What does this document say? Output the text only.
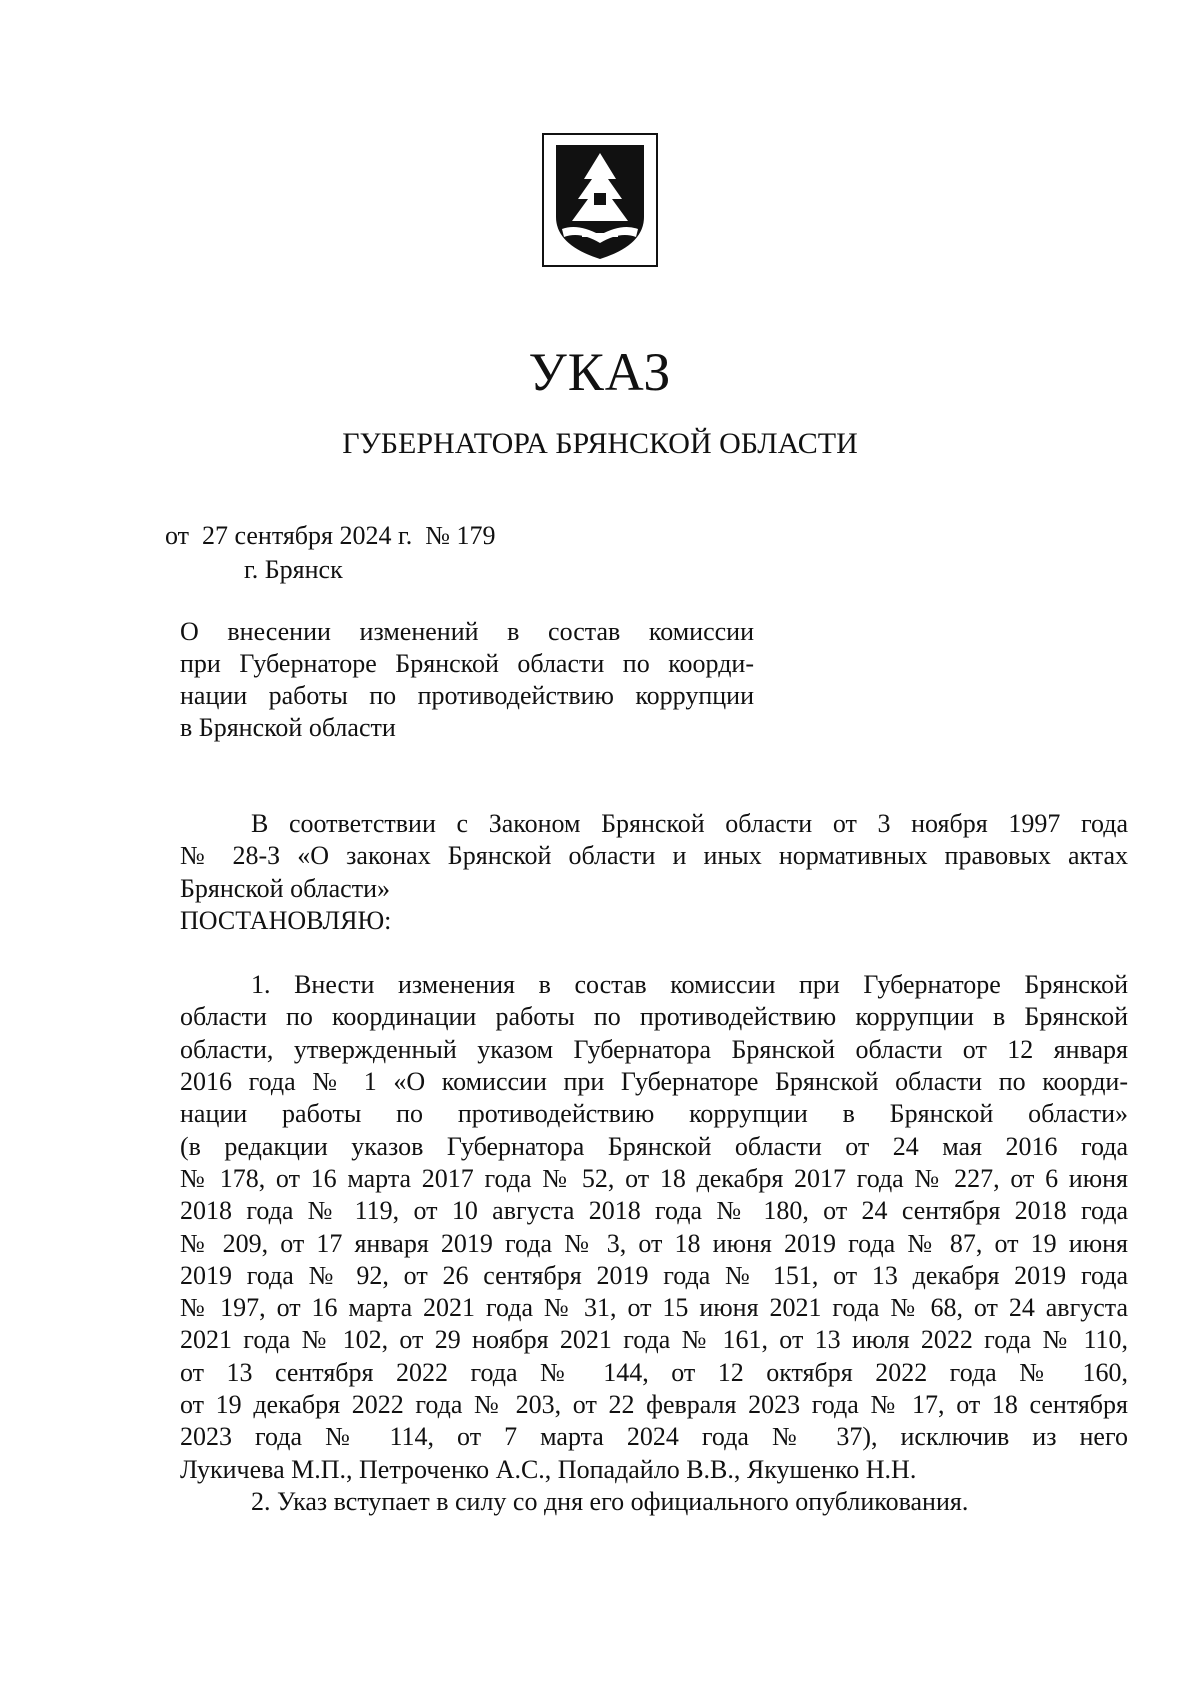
УКАЗ
ГУБЕРНАТОРА БРЯНСКОЙ ОБЛАСТИ
от  27 сентября 2024 г.  № 179
г. Брянск
О внесении изменений в состав комиссии
при Губернаторе Брянской области по коорди-
нации работы по противодействию коррупции
в Брянской области
В соответствии с Законом Брянской области от 3 ноября 1997 года
№ 28-З «О законах Брянской области и иных нормативных правовых актах
Брянской области»
ПОСТАНОВЛЯЮ:
1. Внести изменения в состав комиссии при Губернаторе Брянской
области по координации работы по противодействию коррупции в Брянской
области, утвержденный указом Губернатора Брянской области от 12 января
2016 года № 1 «О комиссии при Губернаторе Брянской области по коорди-
нации работы по противодействию коррупции в Брянской области»
(в редакции указов Губернатора Брянской области от 24 мая 2016 года
№ 178, от 16 марта 2017 года № 52, от 18 декабря 2017 года № 227, от 6 июня
2018 года № 119, от 10 августа 2018 года № 180, от 24 сентября 2018 года
№ 209, от 17 января 2019 года № 3, от 18 июня 2019 года № 87, от 19 июня
2019 года № 92, от 26 сентября 2019 года № 151, от 13 декабря 2019 года
№ 197, от 16 марта 2021 года № 31, от 15 июня 2021 года № 68, от 24 августа
2021 года № 102, от 29 ноября 2021 года № 161, от 13 июля 2022 года № 110,
от 13 сентября 2022 года № 144, от 12 октября 2022 года № 160,
от 19 декабря 2022 года № 203, от 22 февраля 2023 года № 17, от 18 сентября
2023 года № 114, от 7 марта 2024 года № 37), исключив из него
Лукичева М.П., Петроченко А.С., Попадайло В.В., Якушенко Н.Н.
2. Указ вступает в силу со дня его официального опубликования.
